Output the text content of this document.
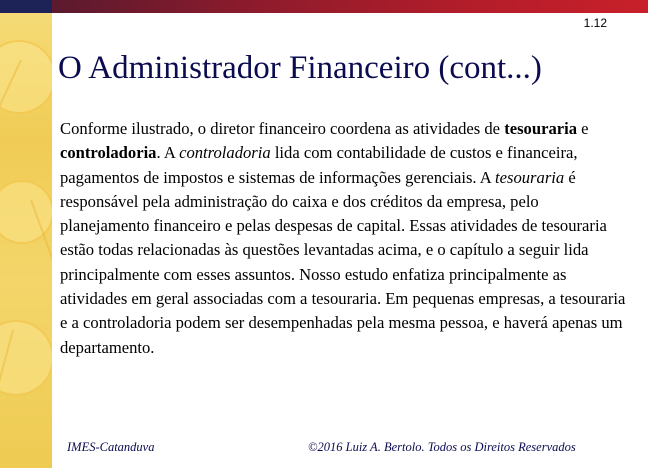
1.12
O Administrador Financeiro (cont...)
Conforme ilustrado, o diretor financeiro coordena as atividades de tesouraria e controladoria. A controladoria lida com contabilidade de custos e financeira, pagamentos de impostos e sistemas de informações gerenciais. A tesouraria é responsável pela administração do caixa e dos créditos da empresa, pelo planejamento financeiro e pelas despesas de capital. Essas atividades de tesouraria estão todas relacionadas às questões levantadas acima, e o capítulo a seguir lida principalmente com esses assuntos. Nosso estudo enfatiza principalmente as atividades em geral associadas com a tesouraria. Em pequenas empresas, a tesouraria e a controladoria podem ser desempenhadas pela mesma pessoa, e haverá apenas um departamento.
IMES-Catanduva	©2016 Luiz A. Bertolo. Todos os Direitos Reservados
